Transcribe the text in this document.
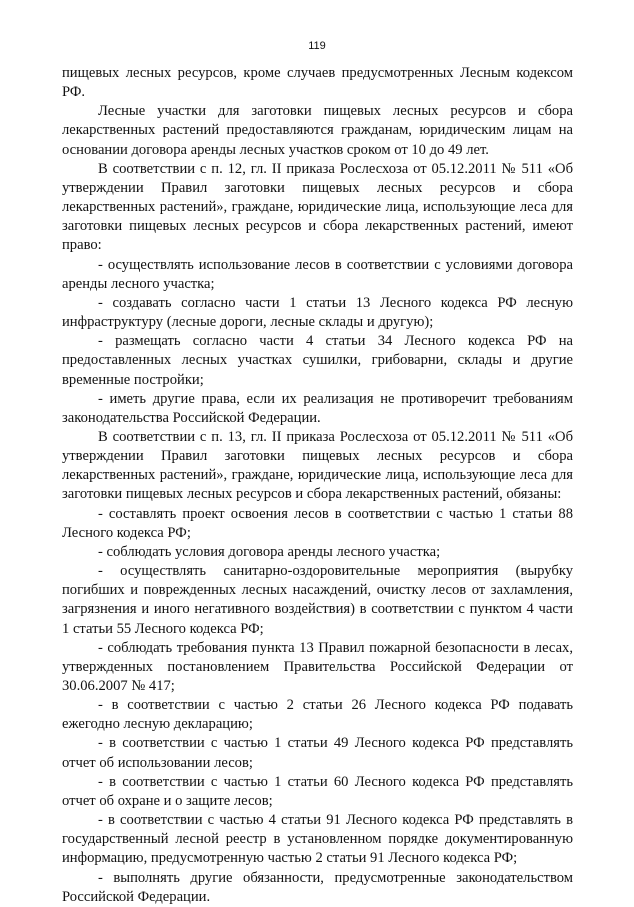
119

пищевых лесных ресурсов, кроме случаев предусмотренных Лесным кодексом РФ.

Лесные участки для заготовки пищевых лесных ресурсов и сбора лекарственных растений предоставляются гражданам, юридическим лицам на основании договора аренды лесных участков сроком от 10 до 49 лет.

В соответствии с п. 12, гл. II приказа Рослесхоза от 05.12.2011 № 511 «Об утверждении Правил заготовки пищевых лесных ресурсов и сбора лекарственных растений», граждане, юридические лица, использующие леса для заготовки пищевых лесных ресурсов и сбора лекарственных растений, имеют право:

- осуществлять использование лесов в соответствии с условиями договора аренды лесного участка;

- создавать согласно части 1 статьи 13 Лесного кодекса РФ лесную инфраструктуру (лесные дороги, лесные склады и другую);

- размещать согласно части 4 статьи 34 Лесного кодекса РФ на предоставленных лесных участках сушилки, грибоварни, склады и другие временные постройки;

- иметь другие права, если их реализация не противоречит требованиям законодательства Российской Федерации.

В соответствии с п. 13, гл. II приказа Рослесхоза от 05.12.2011 № 511 «Об утверждении Правил заготовки пищевых лесных ресурсов и сбора лекарственных растений», граждане, юридические лица, использующие леса для заготовки пищевых лесных ресурсов и сбора лекарственных растений, обязаны:

- составлять проект освоения лесов в соответствии с частью 1 статьи 88 Лесного кодекса РФ;

- соблюдать условия договора аренды лесного участка;

- осуществлять санитарно-оздоровительные мероприятия (вырубку погибших и поврежденных лесных насаждений, очистку лесов от захламления, загрязнения и иного негативного воздействия) в соответствии с пунктом 4 части 1 статьи 55 Лесного кодекса РФ;

- соблюдать требования пункта 13 Правил пожарной безопасности в лесах, утвержденных постановлением Правительства Российской Федерации от 30.06.2007 № 417;

- в соответствии с частью 2 статьи 26 Лесного кодекса РФ подавать ежегодно лесную декларацию;

- в соответствии с частью 1 статьи 49 Лесного кодекса РФ представлять отчет об использовании лесов;

- в соответствии с частью 1 статьи 60 Лесного кодекса РФ представлять отчет об охране и о защите лесов;

- в соответствии с частью 4 статьи 91 Лесного кодекса РФ представлять в государственный лесной реестр в установленном порядке документированную информацию, предусмотренную частью 2 статьи 91 Лесного кодекса РФ;

- выполнять другие обязанности, предусмотренные законодательством Российской Федерации.
